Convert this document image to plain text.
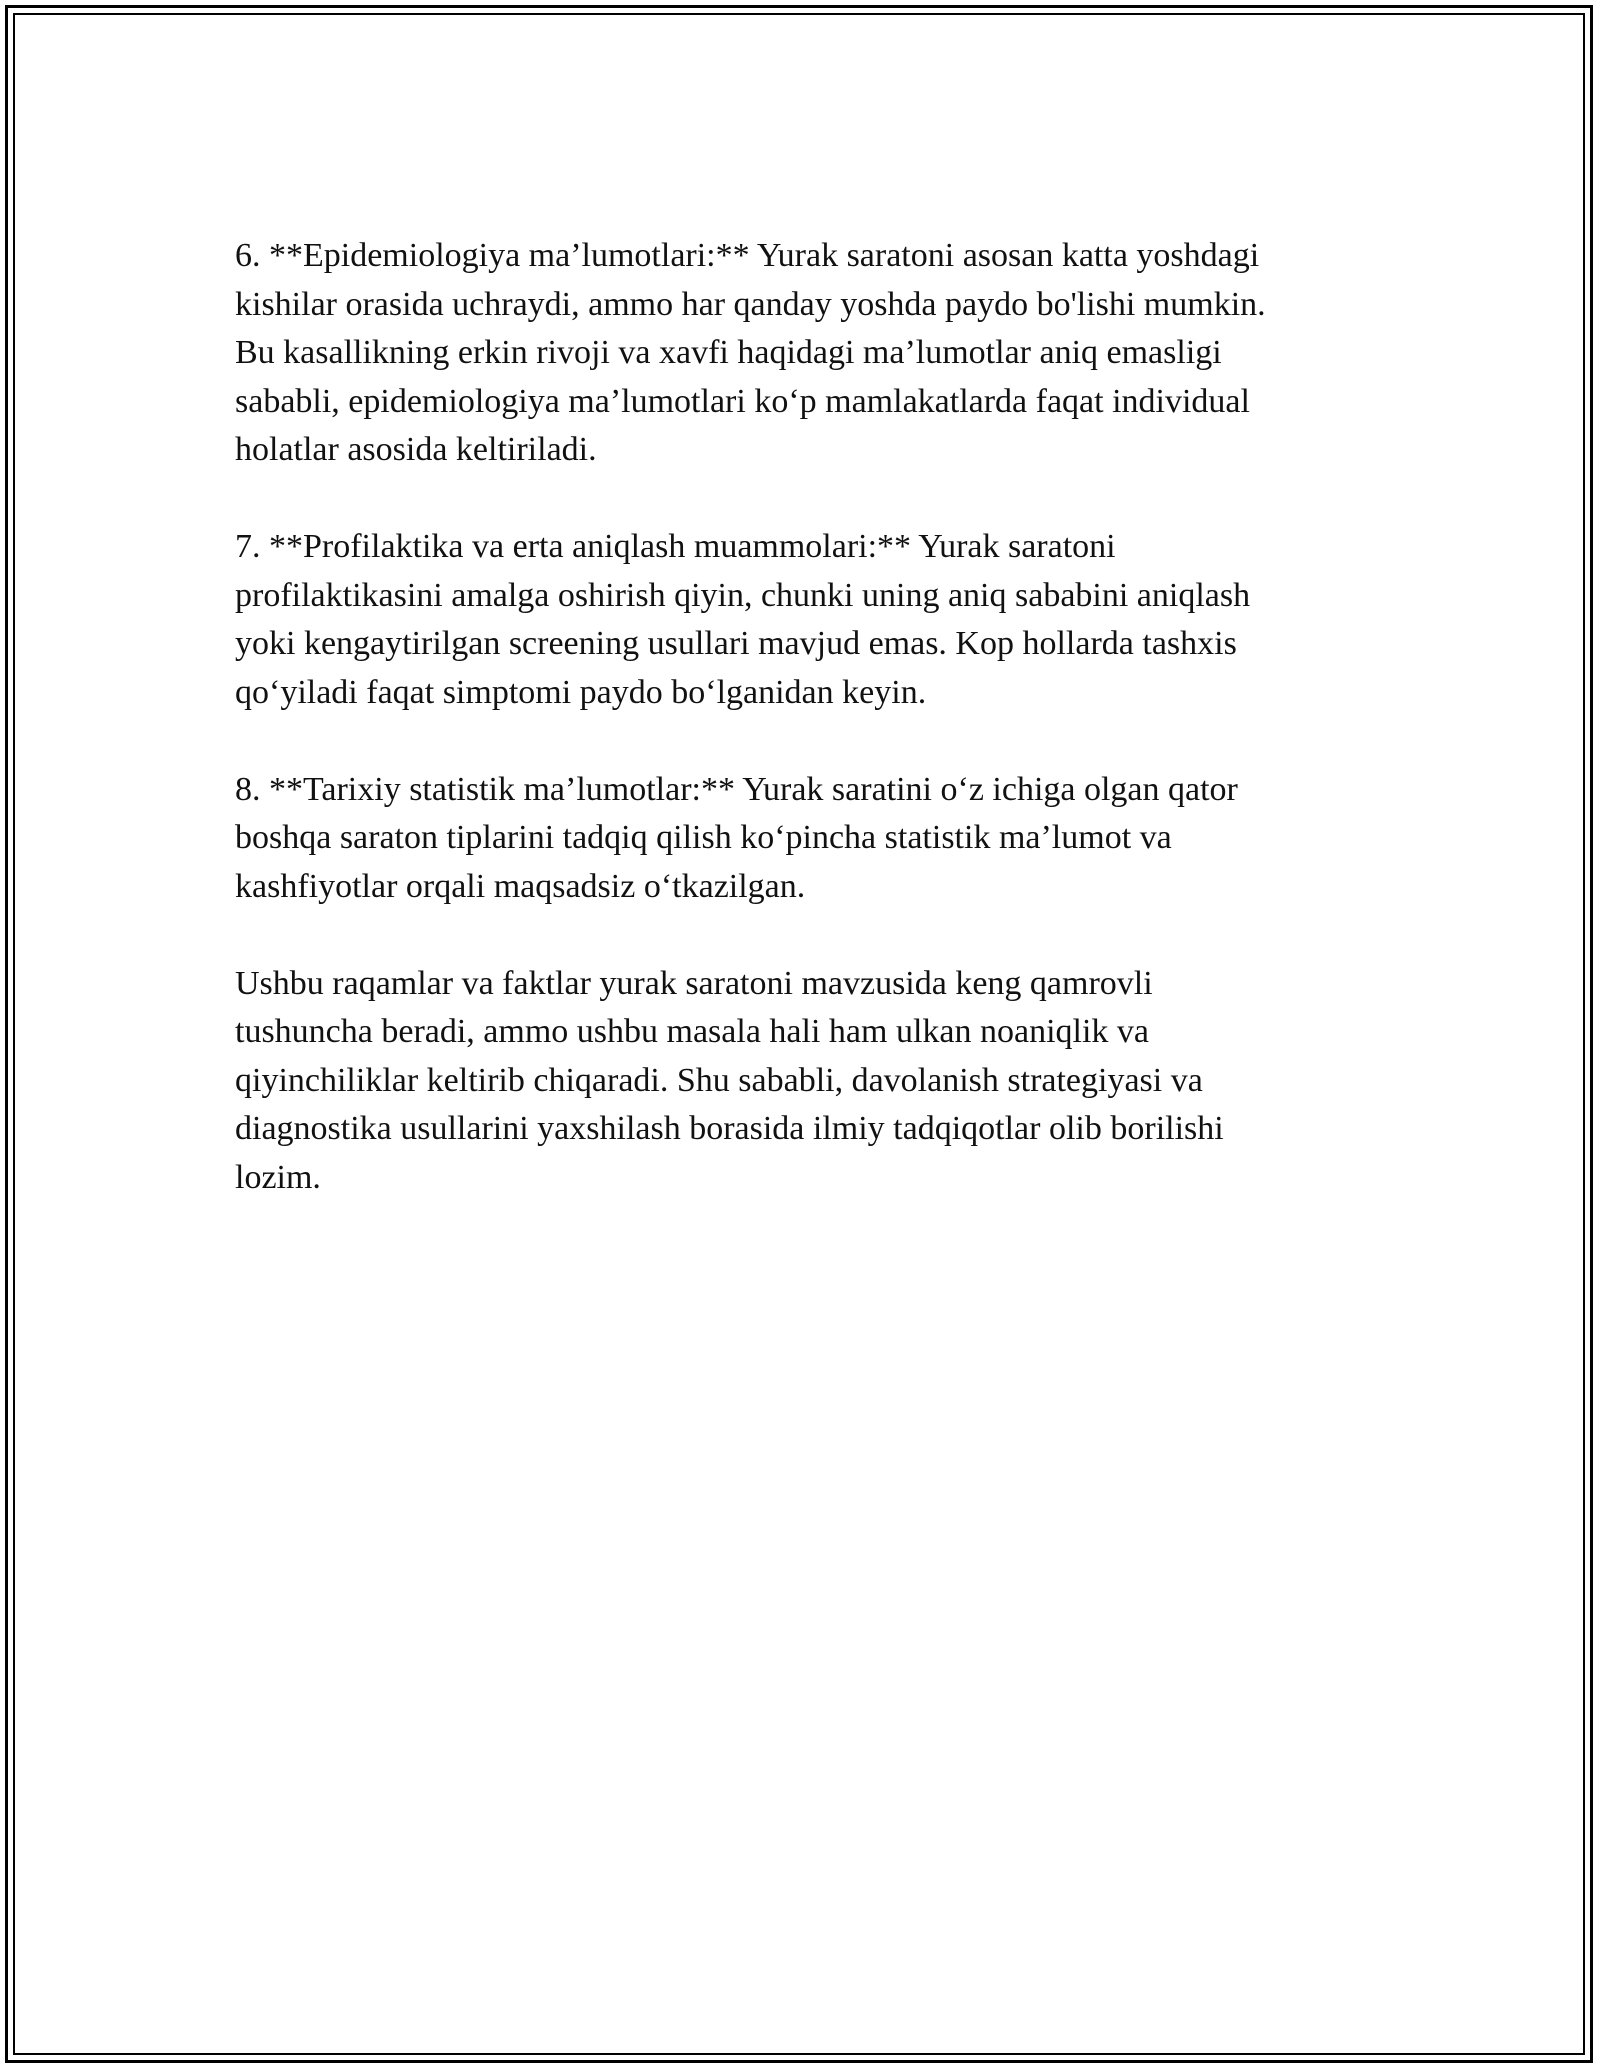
6. **Epidemiologiya ma’lumotlari:** Yurak saratoni asosan katta yoshdagi
kishilar orasida uchraydi, ammo har qanday yoshda paydo bo'lishi mumkin.
Bu kasallikning erkin rivoji va xavfi haqidagi ma’lumotlar aniq emasligi
sababli, epidemiologiya ma’lumotlari ko‘p mamlakatlarda faqat individual
holatlar asosida keltiriladi.

7. **Profilaktika va erta aniqlash muammolari:** Yurak saratoni
profilaktikasini amalga oshirish qiyin, chunki uning aniq sababini aniqlash
yoki kengaytirilgan screening usullari mavjud emas. Kop hollarda tashxis
qo‘yiladi faqat simptomi paydo bo‘lganidan keyin.

8. **Tarixiy statistik ma’lumotlar:** Yurak saratini o‘z ichiga olgan qator
boshqa saraton tiplarini tadqiq qilish ko‘pincha statistik ma’lumot va
kashfiyotlar orqali maqsadsiz o‘tkazilgan.

Ushbu raqamlar va faktlar yurak saratoni mavzusida keng qamrovli
tushuncha beradi, ammo ushbu masala hali ham ulkan noaniqlik va
qiyinchiliklar keltirib chiqaradi. Shu sababli, davolanish strategiyasi va
diagnostika usullarini yaxshilash borasida ilmiy tadqiqotlar olib borilishi
lozim.
